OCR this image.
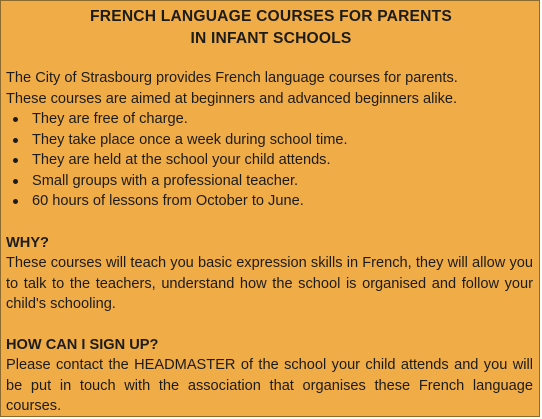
FRENCH LANGUAGE COURSES FOR PARENTS
IN INFANT SCHOOLS
The City of Strasbourg provides French language courses for parents.
These courses are aimed at beginners and advanced beginners alike.
They are free of charge.
They take place once a week during school time.
They are held at the school your child attends.
Small groups with a professional teacher.
60 hours of lessons from October to June.
WHY?
These courses will teach you basic expression skills in French, they will allow you to talk to the teachers, understand how the school is organised and follow your child's schooling.
HOW CAN I SIGN UP?
Please contact the HEADMASTER of the school your child attends and you will be put in touch with the association that organises these French language courses.
